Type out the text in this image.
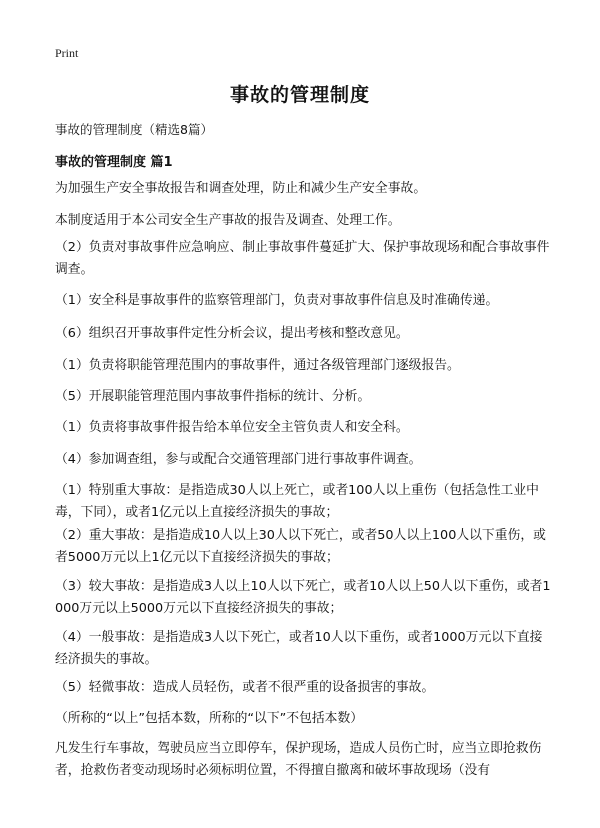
Print
事故的管理制度
事故的管理制度（精选8篇）
事故的管理制度 篇1

为加强生产安全事故报告和调查处理，防止和减少生产安全事故。

本制度适用于本公司安全生产事故的报告及调查、处理工作。

（2）负责对事故事件应急响应、制止事故事件蔓延扩大、保护事故现场和配合事故事件调查。

（1）安全科是事故事件的监察管理部门，负责对事故事件信息及时准确传递。

（6）组织召开事故事件定性分析会议，提出考核和整改意见。

（1）负责将职能管理范围内的事故事件，通过各级管理部门逐级报告。

（5）开展职能管理范围内事故事件指标的统计、分析。

（1）负责将事故事件报告给本单位安全主管负责人和安全科。

（4）参加调查组，参与或配合交通管理部门进行事故事件调查。

（1）特别重大事故：是指造成30人以上死亡，或者100人以上重伤（包括急性工业中毒，下同），或者1亿元以上直接经济损失的事故；

（2）重大事故：是指造成10人以上30人以下死亡，或者50人以上100人以下重伤，或者5000万元以上1亿元以下直接经济损失的事故；

（3）较大事故：是指造成3人以上10人以下死亡，或者10人以上50人以下重伤，或者1000万元以上5000万元以下直接经济损失的事故；

（4）一般事故：是指造成3人以下死亡，或者10人以下重伤，或者1000万元以下直接经济损失的事故。

（5）轻微事故：造成人员轻伤，或者不很严重的设备损害的事故。

（所称的“以上”包括本数，所称的“以下”不包括本数）

凡发生行车事故，驾驶员应当立即停车，保护现场，造成人员伤亡时，应当立即抢救伤者，抢救伤者变动现场时必须标明位置，不得擅自撤离和破坏事故现场（没有
